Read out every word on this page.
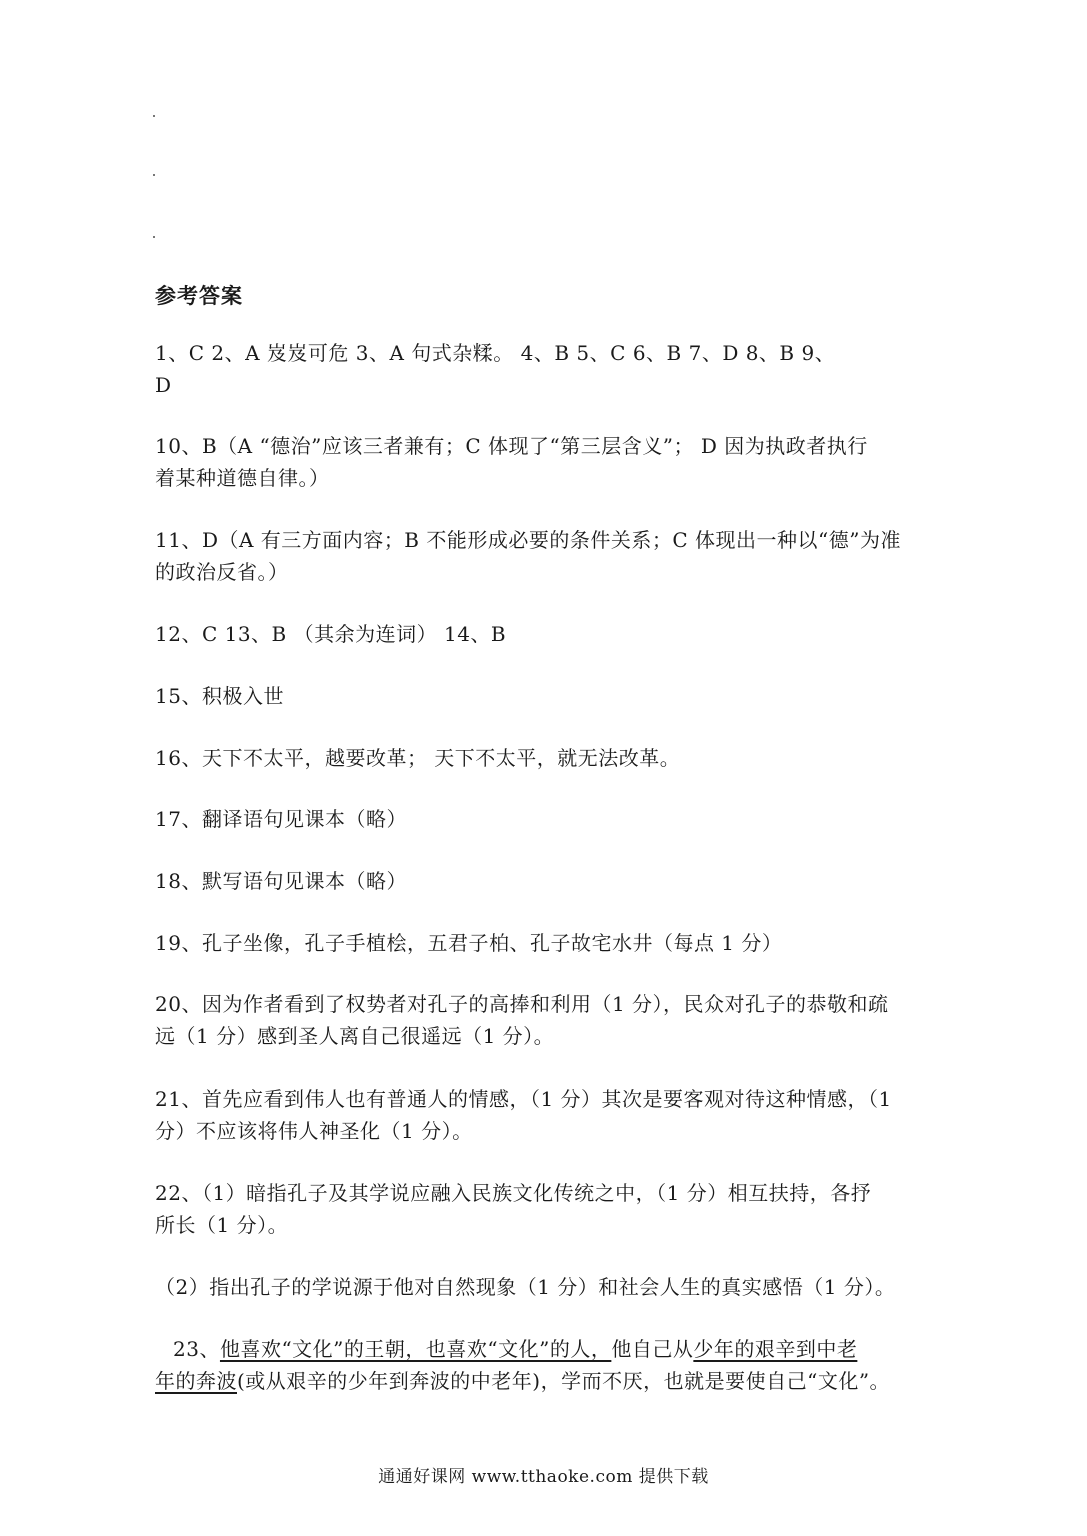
参考答案
1、C 2、A 岌岌可危 3、A 句式杂糅。 4、B 5、C 6、B 7、D 8、B 9、
D
10、B（A “德治”应该三者兼有；C 体现了“第三层含义”； D 因为执政者执行
着某种道德自律。）
11、D（A 有三方面内容；B 不能形成必要的条件关系；C 体现出一种以“德”为准
的政治反省。）
12、C 13、B （其余为连词） 14、B
15、积极入世
16、天下不太平，越要改革； 天下不太平，就无法改革。
17、翻译语句见课本（略）
18、默写语句见课本（略）
19、孔子坐像，孔子手植桧，五君子柏、孔子故宅水井（每点 1 分）
20、因为作者看到了权势者对孔子的高捧和利用（1 分），民众对孔子的恭敬和疏
远（1 分）感到圣人离自己很遥远（1 分）。
21、首先应看到伟人也有普通人的情感，（1 分）其次是要客观对待这种情感，（1
分）不应该将伟人神圣化（1 分）。
22、（1）暗指孔子及其学说应融入民族文化传统之中，（1 分）相互扶持，各抒
所长（1 分）。
（2）指出孔子的学说源于他对自然现象（1 分）和社会人生的真实感悟（1 分）。
23、他喜欢“文化”的王朝，也喜欢“文化”的人，他自己从少年的艰辛到中老
年的奔波(或从艰辛的少年到奔波的中老年)，学而不厌，也就是要使自己“文化”。
通通好课网 www.tthaoke.com 提供下载
